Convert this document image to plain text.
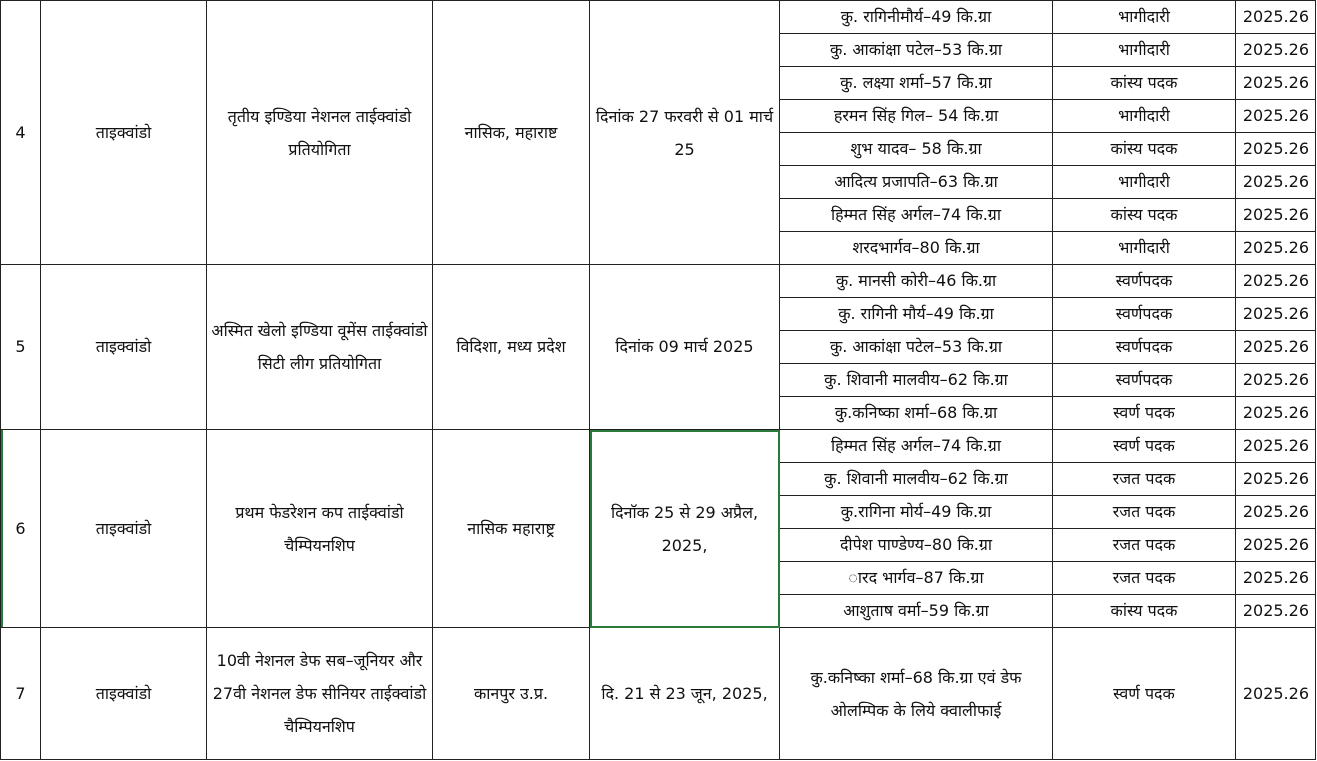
4	ताइक्वांडो	तृतीय इण्डिया नेशनल ताईक्वांडो प्रतियोगिता	नासिक, महाराष्ट	दिनांक 27 फरवरी से 01 मार्च 25	कु. रागिनीमौर्य–49 कि.ग्रा	भागीदारी	2025.26
					कु. आकांक्षा पटेल–53 कि.ग्रा	भागीदारी	2025.26
					कु. लक्ष्या शर्मा–57 कि.ग्रा	कांस्य पदक	2025.26
					हरमन सिंह गिल– 54 कि.ग्रा	भागीदारी	2025.26
					शुभ यादव– 58 कि.ग्रा	कांस्य पदक	2025.26
					आदित्य प्रजापति–63 कि.ग्रा	भागीदारी	2025.26
					हिम्मत सिंह अर्गल–74 कि.ग्रा	कांस्य पदक	2025.26
					शरदभार्गव–80 कि.ग्रा	भागीदारी	2025.26
5	ताइक्वांडो	अस्मित खेलो इण्डिया वूमेंस ताईक्वांडो सिटी लीग प्रतियोगिता	विदिशा, मध्य प्रदेश	दिनांक 09 मार्च 2025	कु. मानसी कोरी–46 कि.ग्रा	स्वर्णपदक	2025.26
					कु. रागिनी मौर्य–49 कि.ग्रा	स्वर्णपदक	2025.26
					कु. आकांक्षा पटेल–53 कि.ग्रा	स्वर्णपदक	2025.26
					कु. शिवानी मालवीय–62 कि.ग्रा	स्वर्णपदक	2025.26
					कु.कनिष्का शर्मा–68 कि.ग्रा	स्वर्ण पदक	2025.26
6	ताइक्वांडो	प्रथम फेडरेशन कप ताईक्वांडो चैम्पियनशिप	नासिक महाराष्ट्र	दिनॉक 25 से 29 अप्रैल, 2025,	हिम्मत सिंह अर्गल–74 कि.ग्रा	स्वर्ण पदक	2025.26
					कु. शिवानी मालवीय–62 कि.ग्रा	रजत पदक	2025.26
					कु.रागिना मोर्य–49 कि.ग्रा	रजत पदक	2025.26
					दीपेश पाण्डेण्य–80 कि.ग्रा	रजत पदक	2025.26
					ारद भार्गव–87 कि.ग्रा	रजत पदक	2025.26
					आशुताष वर्मा–59 कि.ग्रा	कांस्य पदक	2025.26
7	ताइक्वांडो	10वी नेशनल डेफ सब–जूनियर और 27वी नेशनल डेफ सीनियर ताईक्वांडो चैम्पियनशिप	कानपुर उ.प्र.	दि. 21 से 23 जून, 2025,	कु.कनिष्का शर्मा–68 कि.ग्रा एवं डेफ ओलम्पिक के लिये क्वालीफाई	स्वर्ण पदक	2025.26
